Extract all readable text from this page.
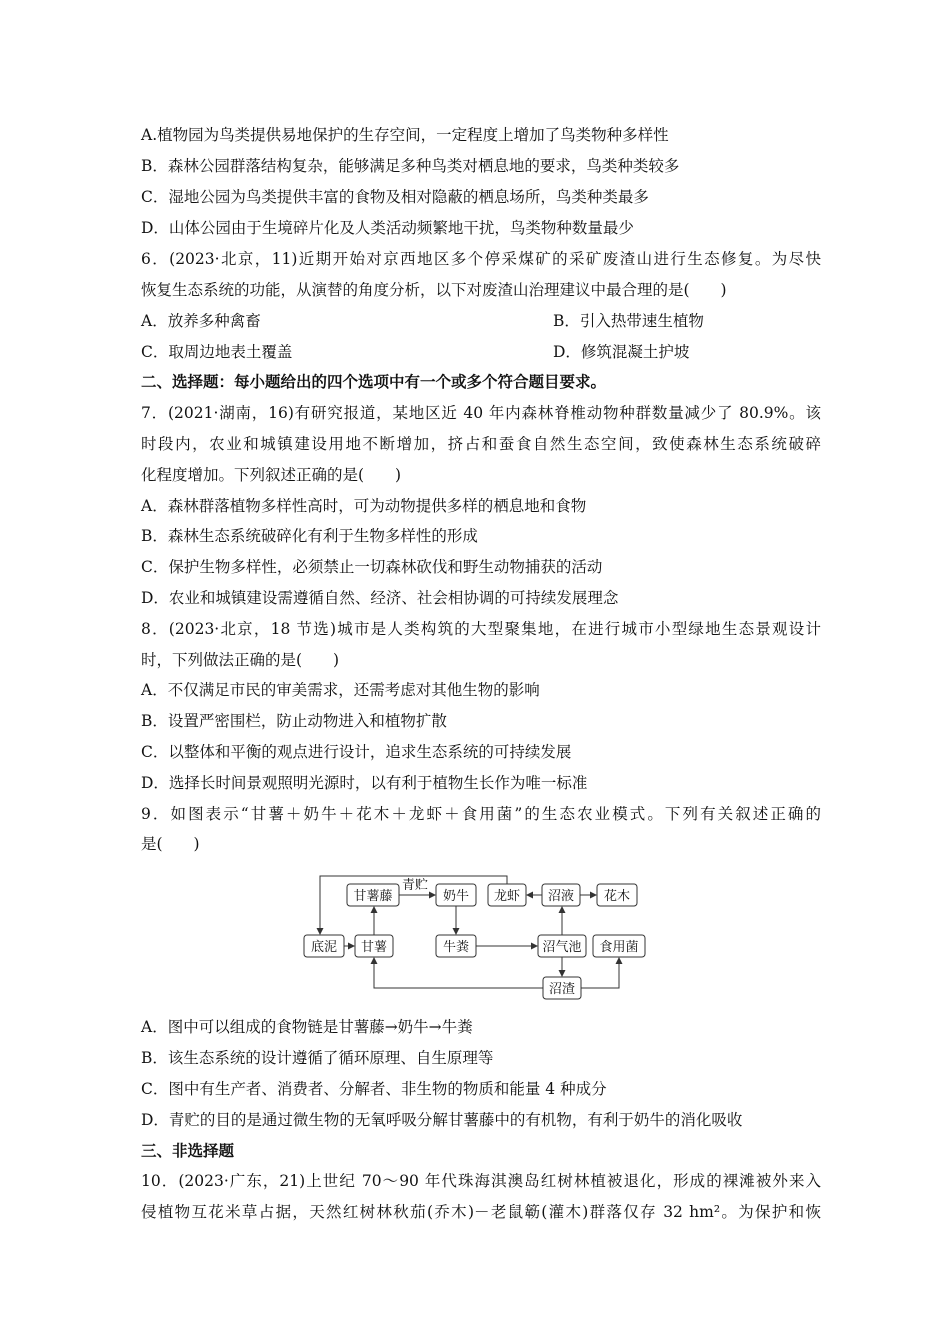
A.植物园为鸟类提供易地保护的生存空间，一定程度上增加了鸟类物种多样性
B．森林公园群落结构复杂，能够满足多种鸟类对栖息地的要求，鸟类种类较多
C．湿地公园为鸟类提供丰富的食物及相对隐蔽的栖息场所，鸟类种类最多
D．山体公园由于生境碎片化及人类活动频繁地干扰，鸟类物种数量最少
6．(2023·北京，11)近期开始对京西地区多个停采煤矿的采矿废渣山进行生态修复。为尽快
恢复生态系统的功能，从演替的角度分析，以下对废渣山治理建议中最合理的是(　　)
A．放养多种禽畜	B．引入热带速生植物
C．取周边地表土覆盖	D．修筑混凝土护坡
二、选择题：每小题给出的四个选项中有一个或多个符合题目要求。
7．(2021·湖南，16)有研究报道，某地区近 40 年内森林脊椎动物种群数量减少了 80.9%。该
时段内，农业和城镇建设用地不断增加，挤占和蚕食自然生态空间，致使森林生态系统破碎
化程度增加。下列叙述正确的是(　　)
A．森林群落植物多样性高时，可为动物提供多样的栖息地和食物
B．森林生态系统破碎化有利于生物多样性的形成
C．保护生物多样性，必须禁止一切森林砍伐和野生动物捕获的活动
D．农业和城镇建设需遵循自然、经济、社会相协调的可持续发展理念
8．(2023·北京，18 节选)城市是人类构筑的大型聚集地，在进行城市小型绿地生态景观设计
时，下列做法正确的是(　　)
A．不仅满足市民的审美需求，还需考虑对其他生物的影响
B．设置严密围栏，防止动物进入和植物扩散
C．以整体和平衡的观点进行设计，追求生态系统的可持续发展
D．选择长时间景观照明光源时，以有利于植物生长作为唯一标准
9．如图表示“甘薯＋奶牛＋花木＋龙虾＋食用菌”的生态农业模式。下列有关叙述正确的
是(　　)
甘薯藤	奶牛 龙虾 沼液 花木
底泥 甘薯	牛粪	沼气池 食用菌
沼渣
青贮
A．图中可以组成的食物链是甘薯藤→奶牛→牛粪
B．该生态系统的设计遵循了循环原理、自生原理等
C．图中有生产者、消费者、分解者、非生物的物质和能量 4 种成分
D．青贮的目的是通过微生物的无氧呼吸分解甘薯藤中的有机物，有利于奶牛的消化吸收
三、非选择题
10．(2023·广东，21)上世纪 70～90 年代珠海淇澳岛红树林植被退化，形成的裸滩被外来入
侵植物互花米草占据，天然红树林秋茄(乔木)－老鼠簕(灌木)群落仅存 32 hm²。为保护和恢
